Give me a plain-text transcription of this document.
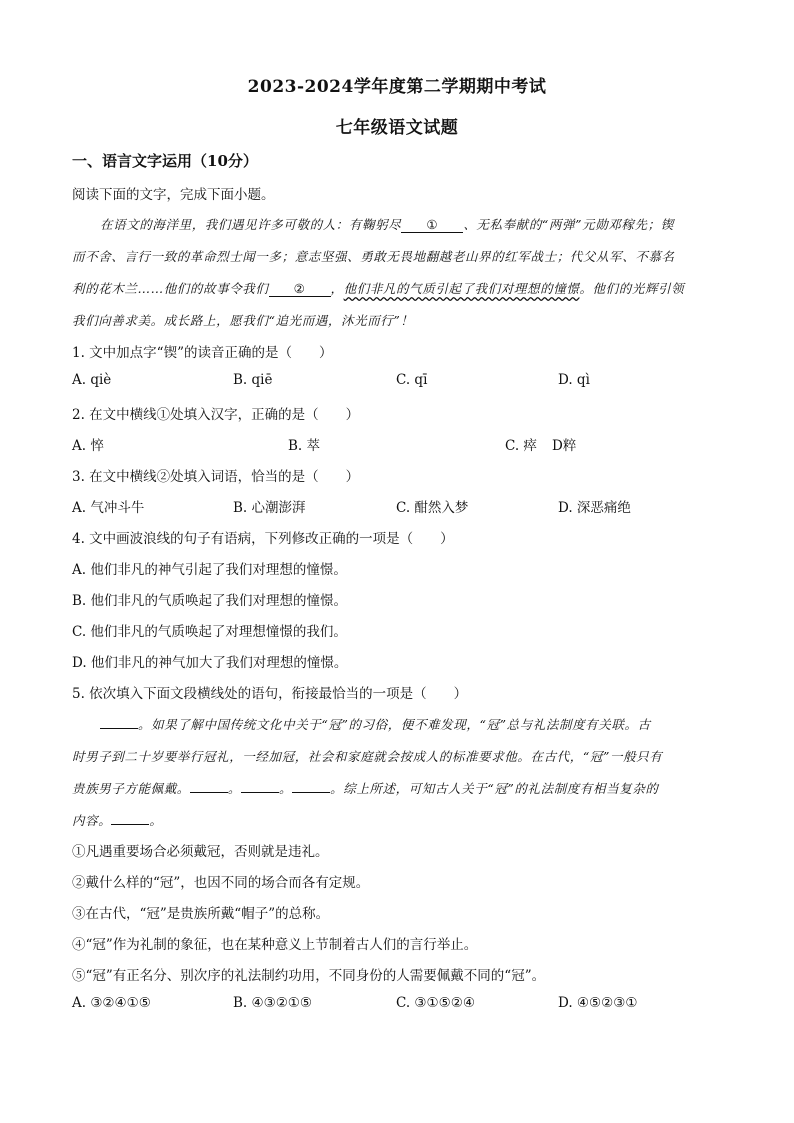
2023-2024学年度第二学期期中考试
七年级语文试题
一、语言文字运用（10分）
阅读下面的文字，完成下面小题。
在语文的海洋里，我们遇见许多可敬的人：有鞠躬尽 ① 、无私奉献的“两弹”元勋邓稼先；锲
而不舍、言行一致的革命烈士闻一多；意志坚强、勇敢无畏地翻越老山界的红军战士；代父从军、不慕名
利的花木兰……他们的故事令我们 ② ，他们非凡的气质引起了我们对理想的憧憬。他们的光辉引领
我们向善求美。成长路上，愿我们“追光而遇，沐光而行”！
1. 文中加点字“锲”的读音正确的是（　　）
A. qiè	B. qiē	C. qī	D. qì
2. 在文中横线①处填入汉字，正确的是（　　）
A. 悴	B. 萃	C. 瘁 D粹
3. 在文中横线②处填入词语，恰当的是（　　）
A. 气冲斗牛	B. 心潮澎湃	C. 酣然入梦	D. 深恶痛绝
4. 文中画波浪线的句子有语病，下列修改正确的一项是（　　）
A. 他们非凡的神气引起了我们对理想的憧憬。
B. 他们非凡的气质唤起了我们对理想的憧憬。
C. 他们非凡的气质唤起了对理想憧憬的我们。
D. 他们非凡的神气加大了我们对理想的憧憬。
5. 依次填入下面文段横线处的语句，衔接最恰当的一项是（　　）
。如果了解中国传统文化中关于“冠”的习俗，便不难发现，“冠”总与礼法制度有关联。古
时男子到二十岁要举行冠礼，一经加冠，社会和家庭就会按成人的标准要求他。在古代，“冠”一般只有
贵族男子方能佩戴。	。	。	。综上所述，可知古人关于“冠”的礼法制度有相当复杂的
内容。	。
①凡遇重要场合必须戴冠，否则就是违礼。
②戴什么样的“冠”，也因不同的场合而各有定规。
③在古代，“冠”是贵族所戴“帽子”的总称。
④“冠”作为礼制的象征，也在某种意义上节制着古人们的言行举止。
⑤“冠”有正名分、别次序的礼法制约功用，不同身份的人需要佩戴不同的“冠”。
A. ③②④①⑤	B. ④③②①⑤	C. ③①⑤②④	D. ④⑤②③①
